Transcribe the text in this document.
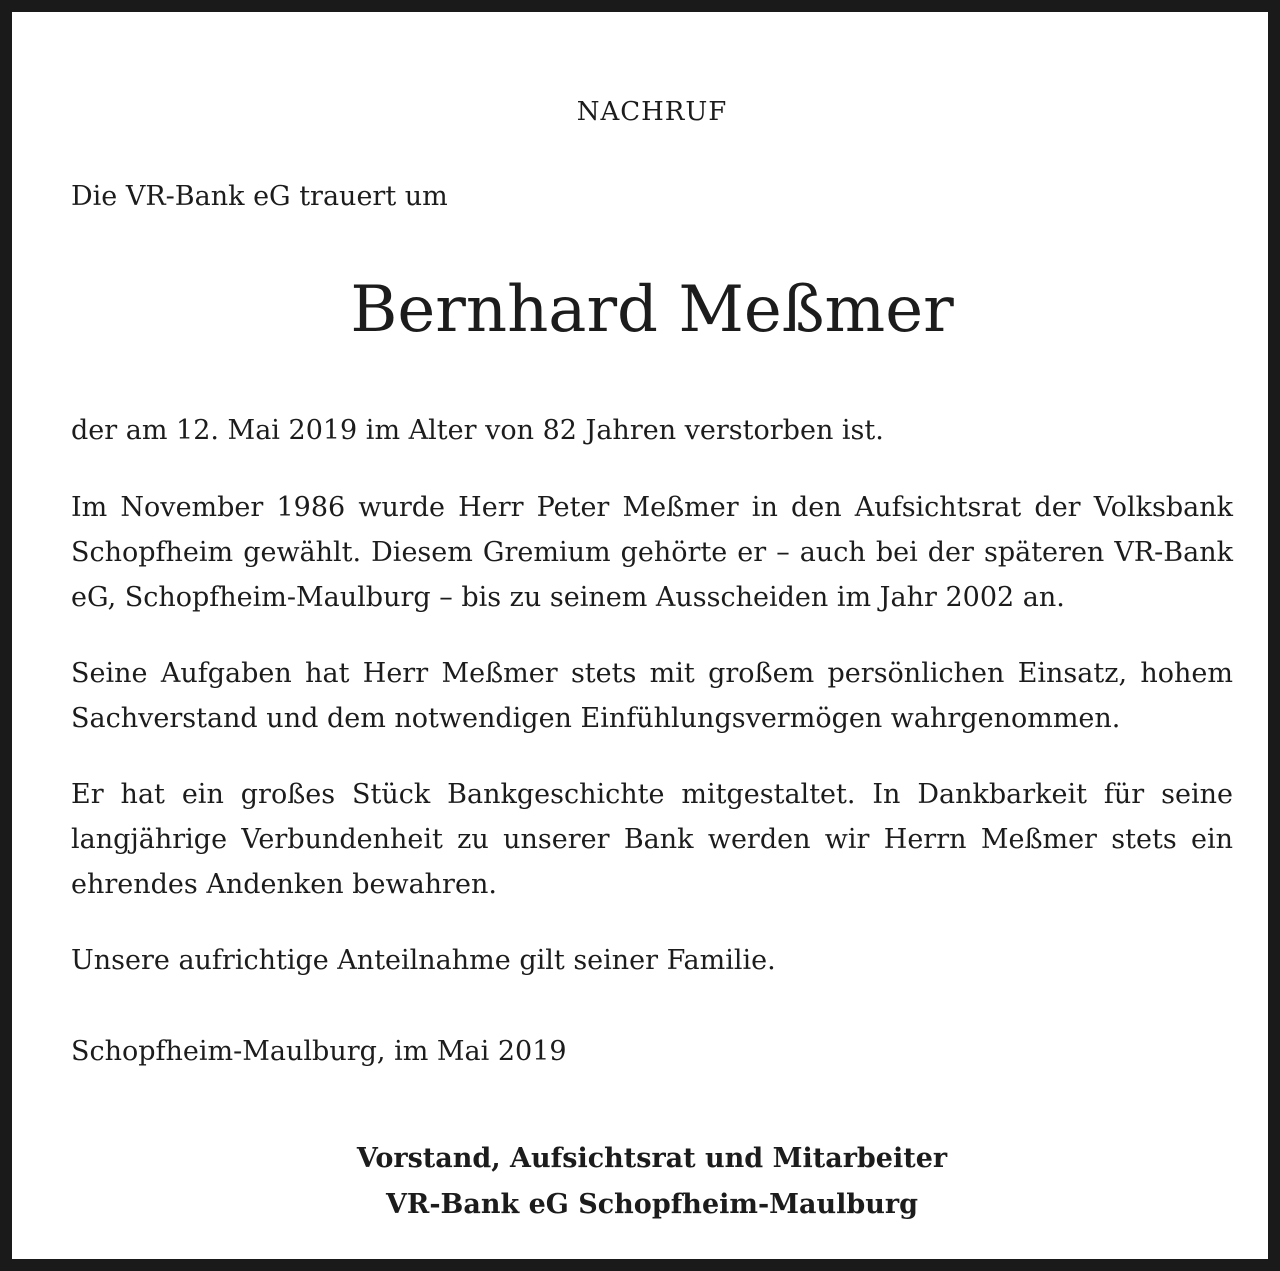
NACHRUF
Die VR-Bank eG trauert um
Bernhard Meßmer

der am 12. Mai 2019 im Alter von 82 Jahren verstorben ist.

Im November 1986 wurde Herr Peter Meßmer in den Aufsichtsrat der Volksbank Schopfheim gewählt. Diesem Gremium gehörte er – auch bei der späteren VR-Bank eG, Schopfheim-Maulburg – bis zu seinem Ausscheiden im Jahr 2002 an.

Seine Aufgaben hat Herr Meßmer stets mit großem persönlichen Einsatz, hohem Sachverstand und dem notwendigen Einfühlungsvermögen wahrgenommen.

Er hat ein großes Stück Bankgeschichte mitgestaltet. In Dankbarkeit für seine langjährige Verbundenheit zu unserer Bank werden wir Herrn Meßmer stets ein ehrendes Andenken bewahren.

Unsere aufrichtige Anteilnahme gilt seiner Familie.

Schopfheim-Maulburg, im Mai 2019
Vorstand, Aufsichtsrat und Mitarbeiter
VR-Bank eG Schopfheim-Maulburg
